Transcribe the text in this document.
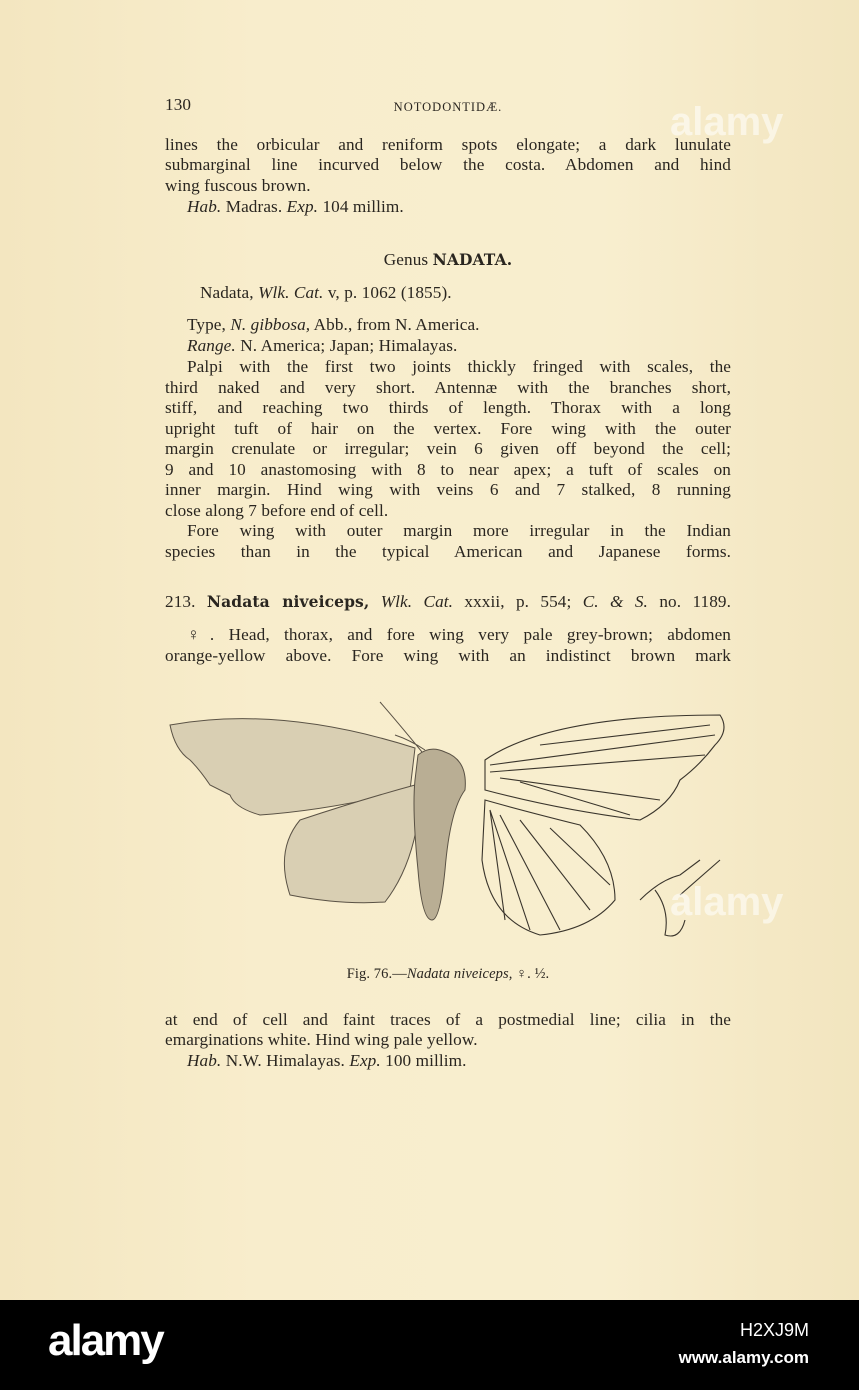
130	NOTODONTIDÆ.
lines the orbicular and reniform spots elongate; a dark lunulate
submarginal line incurved below the costa. Abdomen and hind
wing fuscous brown.
Hab. Madras. Exp. 104 millim.
Genus NADATA.
Nadata, Wlk. Cat. v, p. 1062 (1855).
Type, N. gibbosa, Abb., from N. America.
Range. N. America; Japan; Himalayas.
Palpi with the first two joints thickly fringed with scales, the
third naked and very short. Antennæ with the branches short,
stiff, and reaching two thirds of length. Thorax with a long
upright tuft of hair on the vertex. Fore wing with the outer
margin crenulate or irregular; vein 6 given off beyond the cell;
9 and 10 anastomosing with 8 to near apex; a tuft of scales on
inner margin. Hind wing with veins 6 and 7 stalked, 8 running
close along 7 before end of cell.
Fore wing with outer margin more irregular in the Indian
species than in the typical American and Japanese forms.
213. Nadata niveiceps, Wlk. Cat. xxxii, p. 554; C. & S. no. 1189.
♀. Head, thorax, and fore wing very pale grey-brown; abdomen
orange-yellow above. Fore wing with an indistinct brown mark
Fig. 76.—Nadata niveiceps, ♀. ½.
at end of cell and faint traces of a postmedial line; cilia in the
emarginations white. Hind wing pale yellow.
Hab. N.W. Himalayas. Exp. 100 millim.
alamy
alamy
alamy	H2XJ9M
www.alamy.com
